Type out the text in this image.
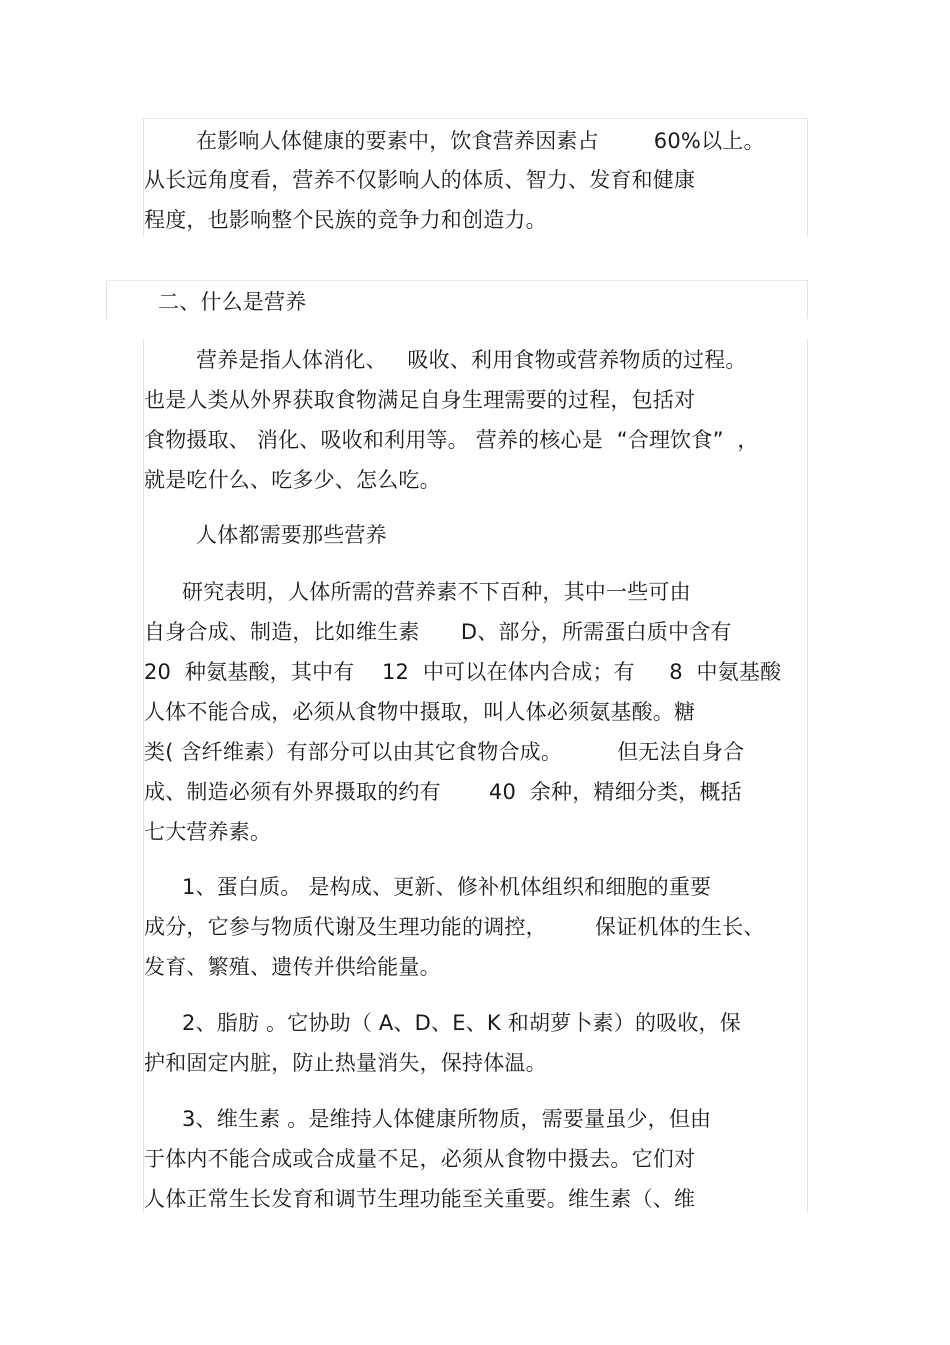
在影响人体健康的要素中，饮食营养因素占        60%以上。
从长远角度看，营养不仅影响人的体质、智力、发育和健康
程度，也影响整个民族的竞争力和创造力。
二、什么是营养
营养是指人体消化、   吸收、利用食物或营养物质的过程。
也是人类从外界获取食物满足自身生理需要的过程，包括对
食物摄取、 消化、吸收和利用等。 营养的核心是  “合理饮食”  ，
就是吃什么、吃多少、怎么吃。
人体都需要那些营养
研究表明，人体所需的营养素不下百种，其中一些可由
自身合成、制造，比如维生素      D、部分，所需蛋白质中含有
20  种氨基酸，其中有    12  中可以在体内合成；有     8  中氨基酸
人体不能合成，必须从食物中摄取，叫人体必须氨基酸。糖
类( 含纤维素）有部分可以由其它食物合成。        但无法自身合
成、制造必须有外界摄取的约有       40  余种，精细分类，概括
七大营养素。
1、蛋白质。 是构成、更新、修补机体组织和细胞的重要
成分，它参与物质代谢及生理功能的调控，       保证机体的生长、
发育、繁殖、遗传并供给能量。
2、脂肪 。它协助（ A、D、E、K 和胡萝卜素）的吸收，保
护和固定内脏，防止热量消失，保持体温。
3、维生素 。是维持人体健康所物质，需要量虽少，但由
于体内不能合成或合成量不足，必须从食物中摄去。它们对
人体正常生长发育和调节生理功能至关重要。维生素（、维
